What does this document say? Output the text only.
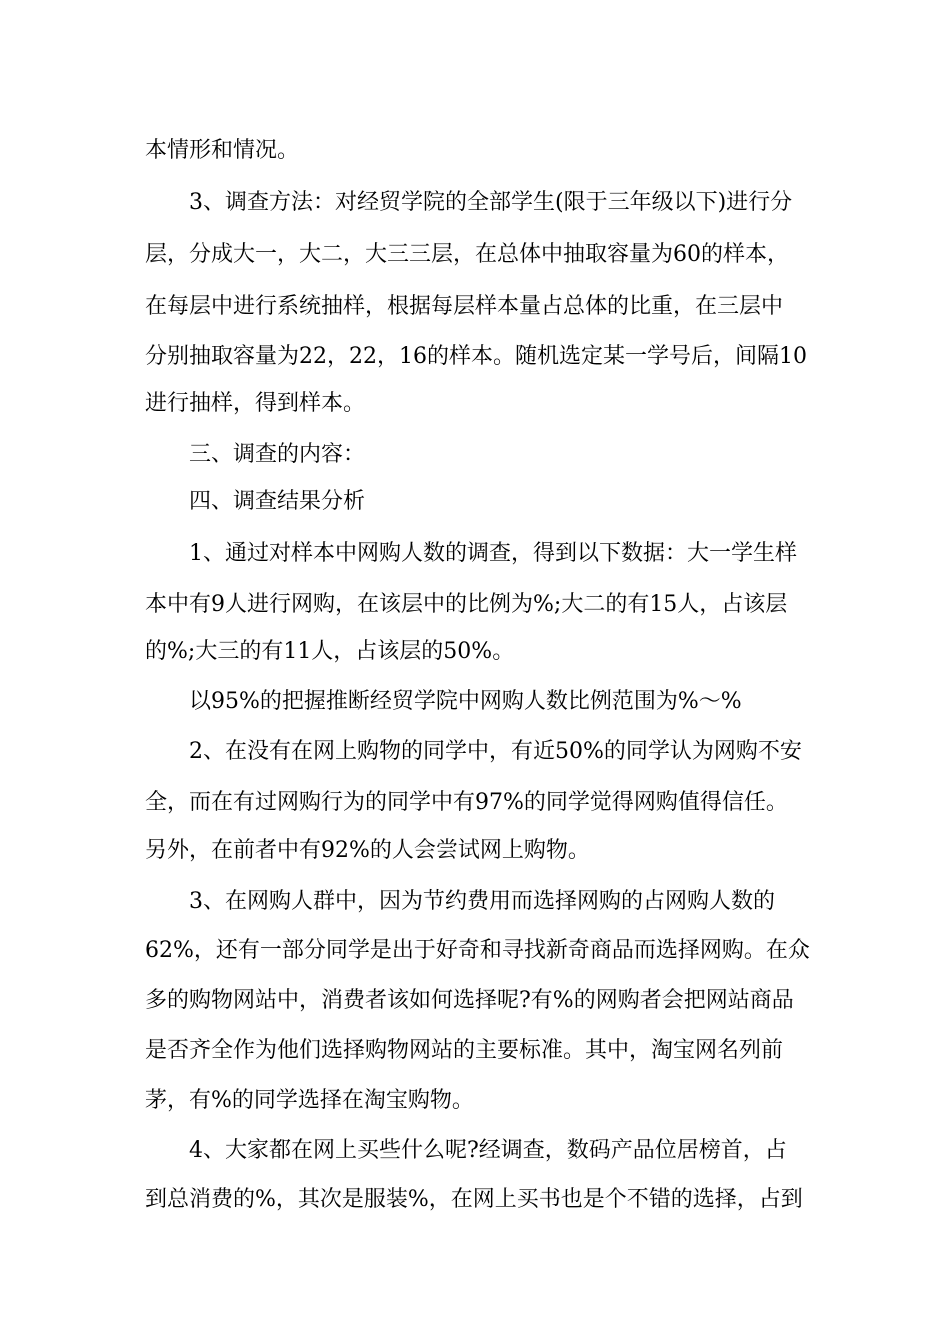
本情形和情况。
3、调查方法：对经贸学院的全部学生(限于三年级以下)进行分
层，分成大一，大二，大三三层，在总体中抽取容量为60的样本，
在每层中进行系统抽样，根据每层样本量占总体的比重，在三层中
分别抽取容量为22，22，16的样本。随机选定某一学号后，间隔10
进行抽样，得到样本。
三、调查的内容：
四、调查结果分析
1、通过对样本中网购人数的调查，得到以下数据：大一学生样
本中有9人进行网购，在该层中的比例为%;大二的有15人，占该层
的%;大三的有11人，占该层的50%。
以95%的把握推断经贸学院中网购人数比例范围为%～%
2、在没有在网上购物的同学中，有近50%的同学认为网购不安
全，而在有过网购行为的同学中有97%的同学觉得网购值得信任。
另外，在前者中有92%的人会尝试网上购物。
3、在网购人群中，因为节约费用而选择网购的占网购人数的
62%，还有一部分同学是出于好奇和寻找新奇商品而选择网购。在众
多的购物网站中，消费者该如何选择呢?有%的网购者会把网站商品
是否齐全作为他们选择购物网站的主要标准。其中，淘宝网名列前
茅，有%的同学选择在淘宝购物。
4、大家都在网上买些什么呢?经调查，数码产品位居榜首，占
到总消费的%，其次是服装%，在网上买书也是个不错的选择，占到
